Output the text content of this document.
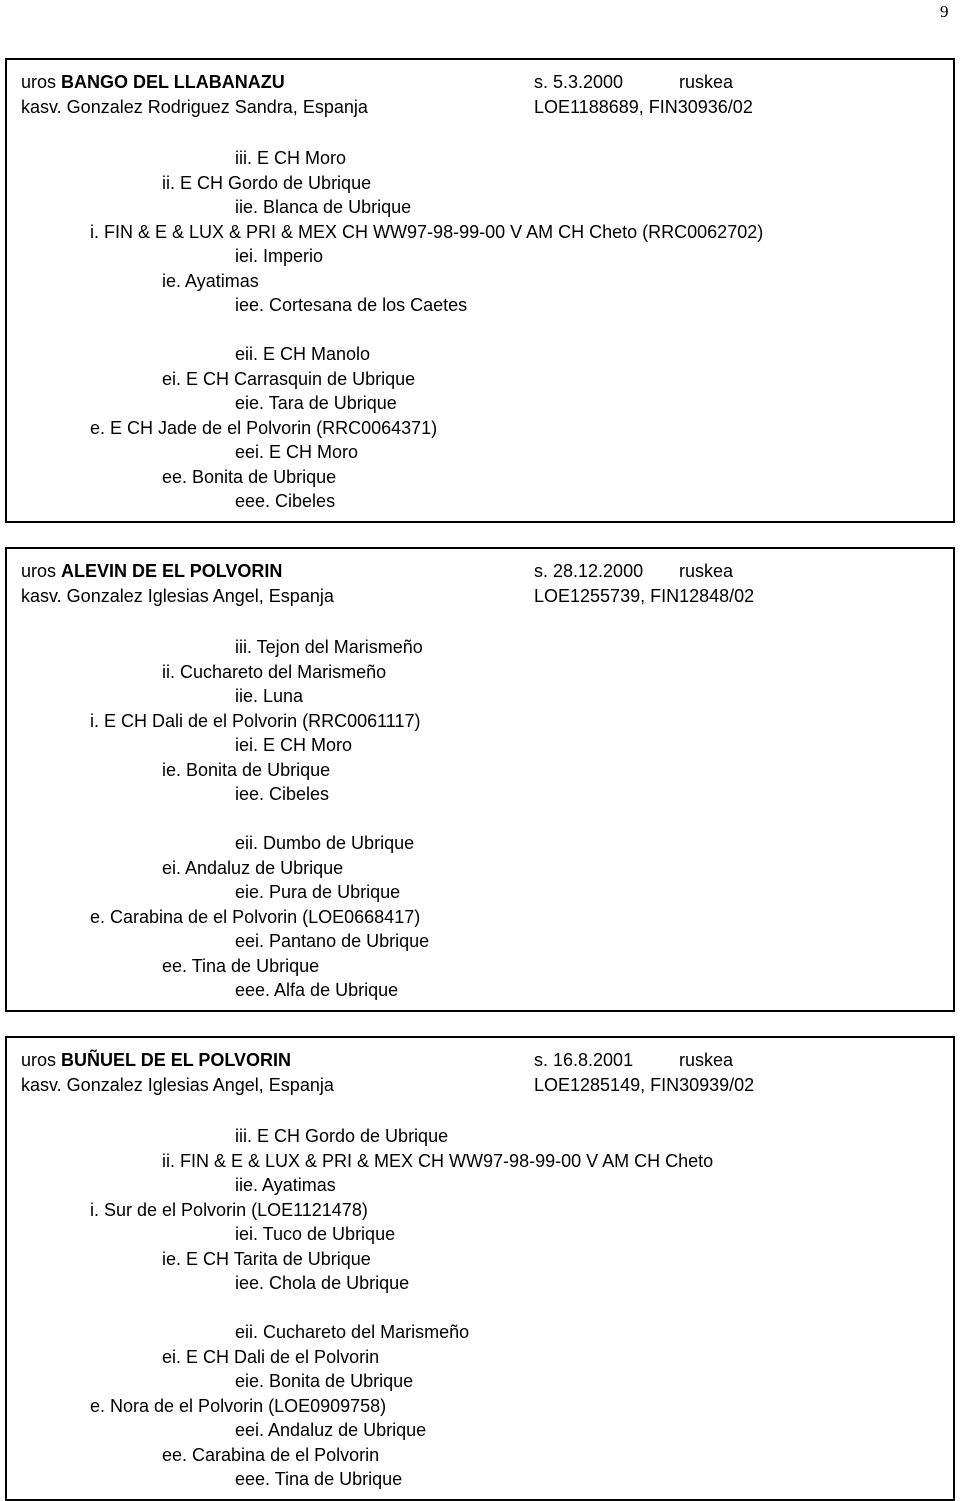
9
uros BANGO DEL LLABANAZU	s. 5.3.2000	ruskea
kasv. Gonzalez Rodriguez Sandra, Espanja	LOE1188689, FIN30936/02
iii. E CH Moro
ii. E CH Gordo de Ubrique
iie. Blanca de Ubrique
i. FIN & E & LUX & PRI & MEX CH WW97-98-99-00 V AM CH Cheto (RRC0062702)
iei. Imperio
ie. Ayatimas
iee. Cortesana de los Caetes
eii. E CH Manolo
ei. E CH Carrasquin de Ubrique
eie. Tara de Ubrique
e. E CH Jade de el Polvorin (RRC0064371)
eei. E CH Moro
ee. Bonita de Ubrique
eee. Cibeles
uros ALEVIN DE EL POLVORIN	s. 28.12.2000 ruskea
kasv. Gonzalez Iglesias Angel, Espanja	LOE1255739, FIN12848/02
iii. Tejon del Marismeño
ii. Cuchareto del Marismeño
iie. Luna
i. E CH Dali de el Polvorin (RRC0061117)
iei. E CH Moro
ie. Bonita de Ubrique
iee. Cibeles
eii. Dumbo de Ubrique
ei. Andaluz de Ubrique
eie. Pura de Ubrique
e. Carabina de el Polvorin (LOE0668417)
eei. Pantano de Ubrique
ee. Tina de Ubrique
eee. Alfa de Ubrique
uros BUÑUEL DE EL POLVORIN	s. 16.8.2001	ruskea
kasv. Gonzalez Iglesias Angel, Espanja	LOE1285149, FIN30939/02
iii. E CH Gordo de Ubrique
ii. FIN & E & LUX & PRI & MEX CH WW97-98-99-00 V AM CH Cheto
iie. Ayatimas
i. Sur de el Polvorin (LOE1121478)
iei. Tuco de Ubrique
ie. E CH Tarita de Ubrique
iee. Chola de Ubrique
eii. Cuchareto del Marismeño
ei. E CH Dali de el Polvorin
eie. Bonita de Ubrique
e. Nora de el Polvorin (LOE0909758)
eei. Andaluz de Ubrique
ee. Carabina de el Polvorin
eee. Tina de Ubrique
